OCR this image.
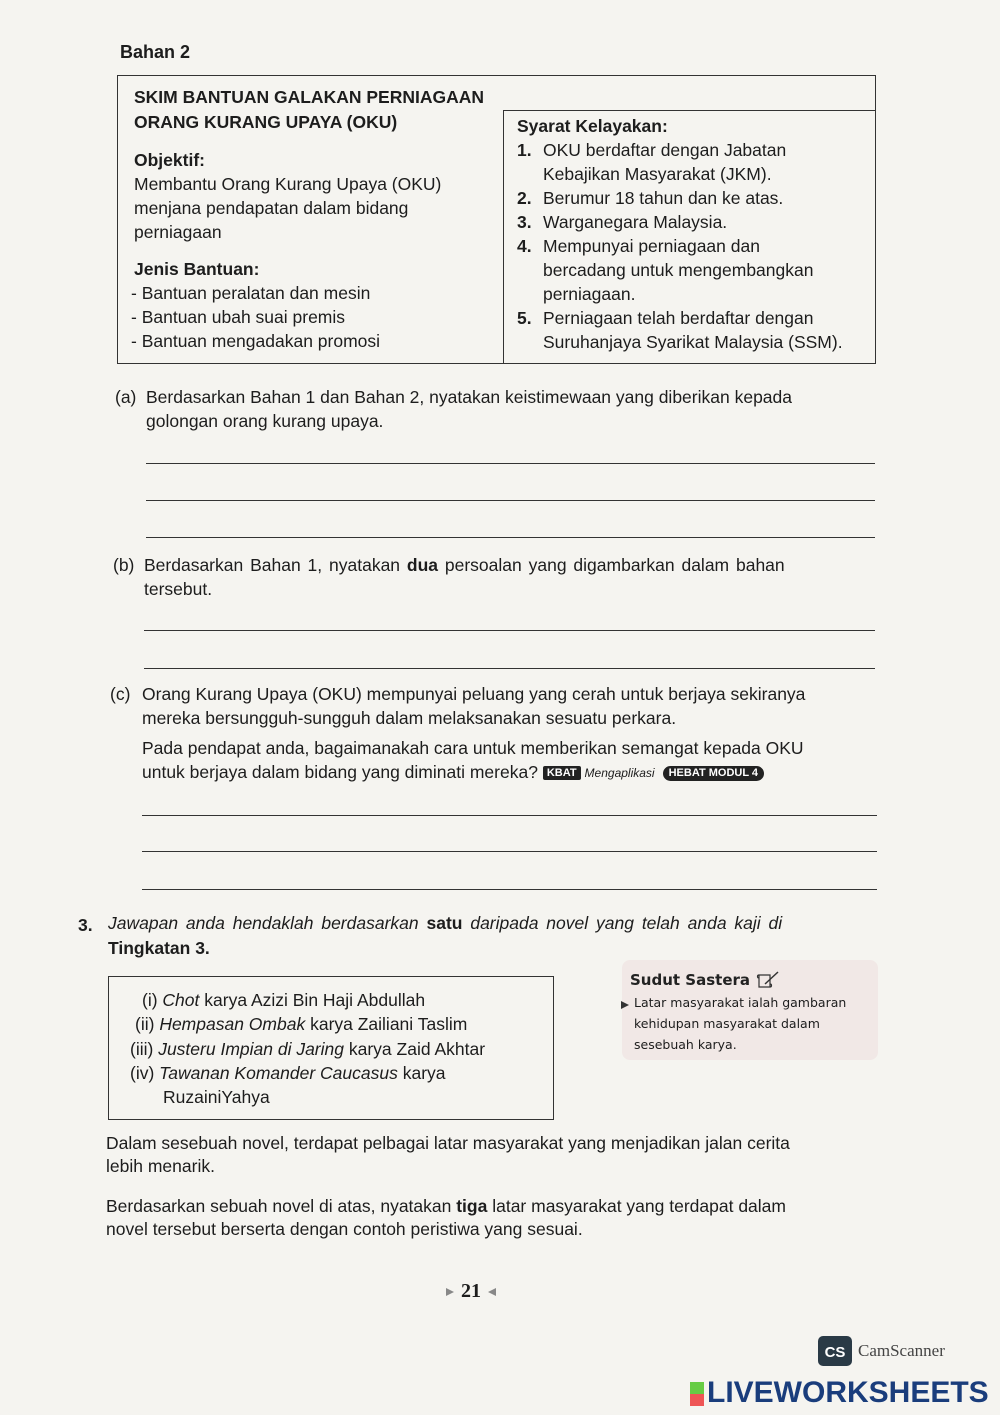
Bahan 2
SKIM BANTUAN GALAKAN PERNIAGAAN
ORANG KURANG UPAYA (OKU)
Objektif:
Membantu Orang Kurang Upaya (OKU)
menjana pendapatan dalam bidang
perniagaan
Jenis Bantuan:
- Bantuan peralatan dan mesin
- Bantuan ubah suai premis
- Bantuan mengadakan promosi
Syarat Kelayakan:
1. OKU berdaftar dengan Jabatan
Kebajikan Masyarakat (JKM).
2. Berumur 18 tahun dan ke atas.
3. Warganegara Malaysia.
4. Mempunyai perniagaan dan
bercadang untuk mengembangkan
perniagaan.
5. Perniagaan telah berdaftar dengan
Suruhanjaya Syarikat Malaysia (SSM).
(a) Berdasarkan Bahan 1 dan Bahan 2, nyatakan keistimewaan yang diberikan kepada
golongan orang kurang upaya.
(b) Berdasarkan Bahan 1, nyatakan dua persoalan yang digambarkan dalam bahan
tersebut.
(c) Orang Kurang Upaya (OKU) mempunyai peluang yang cerah untuk berjaya sekiranya
mereka bersungguh-sungguh dalam melaksanakan sesuatu perkara.
Pada pendapat anda, bagaimanakah cara untuk memberikan semangat kepada OKU
untuk berjaya dalam bidang yang diminati mereka? KBAT Mengaplikasi HEBAT MODUL 4
3. Jawapan anda hendaklah berdasarkan satu daripada novel yang telah anda kaji di
Tingkatan 3.
(i) Chot karya Azizi Bin Haji Abdullah
(ii) Hempasan Ombak karya Zailiani Taslim
(iii) Justeru Impian di Jaring karya Zaid Akhtar
(iv) Tawanan Komander Caucasus karya
RuzainiYahya
Sudut Sastera
Latar masyarakat ialah gambaran
kehidupan masyarakat dalam
sesebuah karya.
Dalam sesebuah novel, terdapat pelbagai latar masyarakat yang menjadikan jalan cerita
lebih menarik.
Berdasarkan sebuah novel di atas, nyatakan tiga latar masyarakat yang terdapat dalam
novel tersebut berserta dengan contoh peristiwa yang sesuai.
21
CS CamScanner
LIVEWORKSHEETS
